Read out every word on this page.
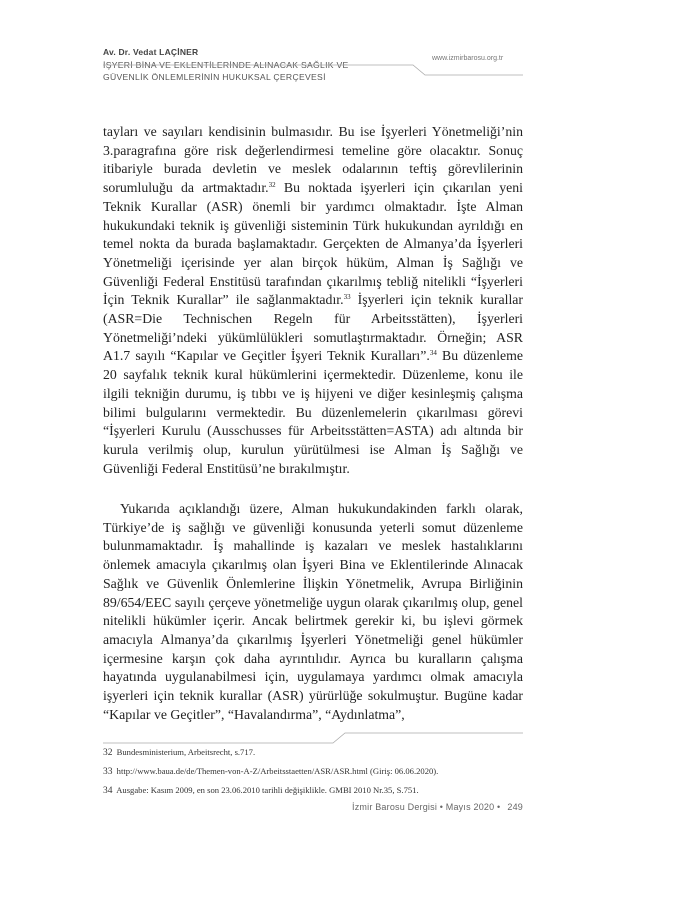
Av. Dr. Vedat LAÇİNER
İŞYERİ BİNA VE EKLENTİLERİNDE ALINACAK SAĞLIK VE
GÜVENLİK ÖNLEMLERİNİN HUKUKSAL ÇERÇEVESİ
www.izmirbarosu.org.tr
tayları ve sayıları kendisinin bulmasıdır. Bu ise İşyerleri Yönetmeliği’nin 3.paragrafına göre risk değerlendirmesi temeline göre olacaktır. Sonuç itibariyle burada devletin ve meslek odalarının teftiş görevlilerinin sorumluluğu da artmaktadır.$^{32}$ Bu noktada işyerleri için çıkarılan yeni Teknik Kurallar (ASR) önemli bir yardımcı olmaktadır. İşte Alman hukukundaki teknik iş güvenliği sisteminin Türk hukukundan ayrıldığı en temel nokta da burada başlamaktadır. Gerçekten de Almanya’da İşyerleri Yönetmeliği içerisinde yer alan birçok hüküm, Alman İş Sağlığı ve Güvenliği Federal Enstitüsü tarafından çıkarılmış tebliğ nitelikli “İşyerleri İçin Teknik Kurallar” ile sağlanmaktadır.$^{33}$ İşyerleri için teknik kurallar (ASR=Die Technischen Regeln für Arbeitsstätten), İşyerleri Yönetmeliği’ndeki yükümlülükleri somutlaştırmaktadır. Örneğin; ASR A1.7 sayılı “Kapılar ve Geçitler İşyeri Teknik Kuralları”.$^{34}$ Bu düzenleme 20 sayfalık teknik kural hükümlerini içermektedir. Düzenleme, konu ile ilgili tekniğin durumu, iş tıbbı ve iş hijyeni ve diğer kesinleşmiş çalışma bilimi bulgularını vermektedir. Bu düzenlemelerin çıkarılması görevi “İşyerleri Kurulu (Ausschusses für Arbeitsstätten=ASTA) adı altında bir kurula verilmiş olup, kurulun yürütülmesi ise Alman İş Sağlığı ve Güvenliği Federal Enstitüsü’ne bırakılmıştır.
Yukarıda açıklandığı üzere, Alman hukukundakinden farklı olarak, Türkiye’de iş sağlığı ve güvenliği konusunda yeterli somut düzenleme bulunmamaktadır. İş mahallinde iş kazaları ve meslek hastalıklarını önlemek amacıyla çıkarılmış olan İşyeri Bina ve Eklentilerinde Alınacak Sağlık ve Güvenlik Önlemlerine İlişkin Yönetmelik, Avrupa Birliğinin 89/654/EEC sayılı çerçeve yönetmeliğe uygun olarak çıkarılmış olup, genel nitelikli hükümler içerir. Ancak belirtmek gerekir ki, bu işlevi görmek amacıyla Almanya’da çıkarılmış İşyerleri Yönetmeliği genel hükümler içermesine karşın çok daha ayrıntılıdır. Ayrıca bu kuralların çalışma hayatında uygulanabilmesi için, uygulamaya yardımcı olmak amacıyla işyerleri için teknik kurallar (ASR) yürürlüğe sokulmuştur. Bugüne kadar “Kapılar ve Geçitler”, “Havalandırma”, “Aydınlatma”,
32 Bundesministerium, Arbeitsrecht, s.717.
33 http://www.baua.de/de/Themen-von-A-Z/Arbeitsstaetten/ASR/ASR.html (Giriş: 06.06.2020).
34 Ausgabe: Kasım 2009, en son 23.06.2010 tarihli değişiklikle. GMBI 2010 Nr.35, S.751.
İzmir Barosu Dergisi • Mayıs 2020 • 249
